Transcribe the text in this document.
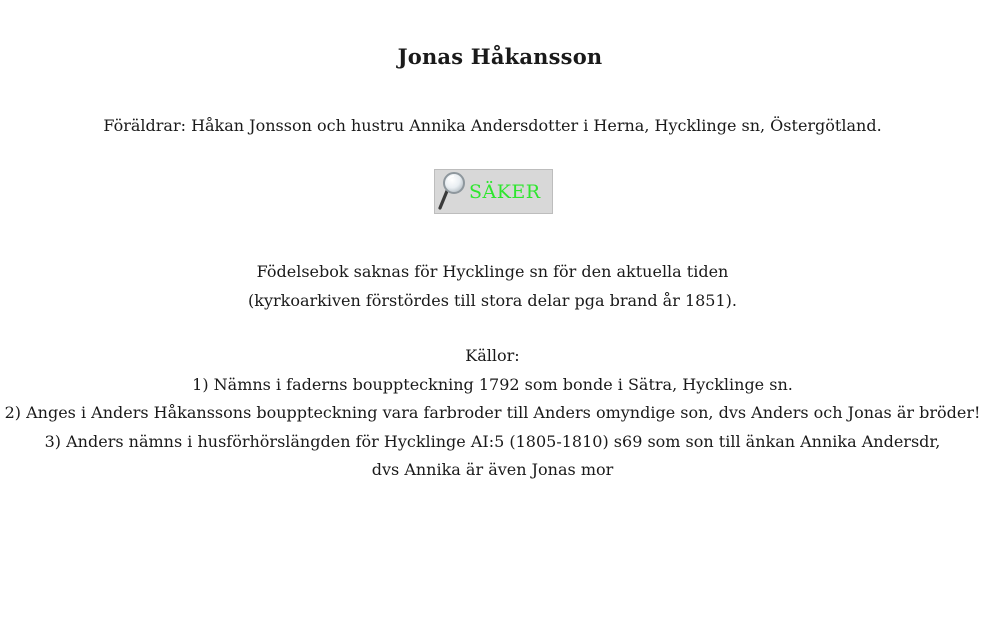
Jonas Håkansson
Föräldrar: Håkan Jonsson och hustru Annika Andersdotter i Herna, Hycklinge sn, Östergötland.
SÄKER
Födelsebok saknas för Hycklinge sn för den aktuella tiden
(kyrkoarkiven förstördes till stora delar pga brand år 1851).
Källor:
1) Nämns i faderns bouppteckning 1792 som bonde i Sätra, Hycklinge sn.
2) Anges i Anders Håkanssons bouppteckning vara farbroder till Anders omyndige son, dvs Anders och Jonas är bröder!
3) Anders nämns i husförhörslängden för Hycklinge AI:5 (1805-1810) s69 som son till änkan Annika Andersdr,
dvs Annika är även Jonas mor
